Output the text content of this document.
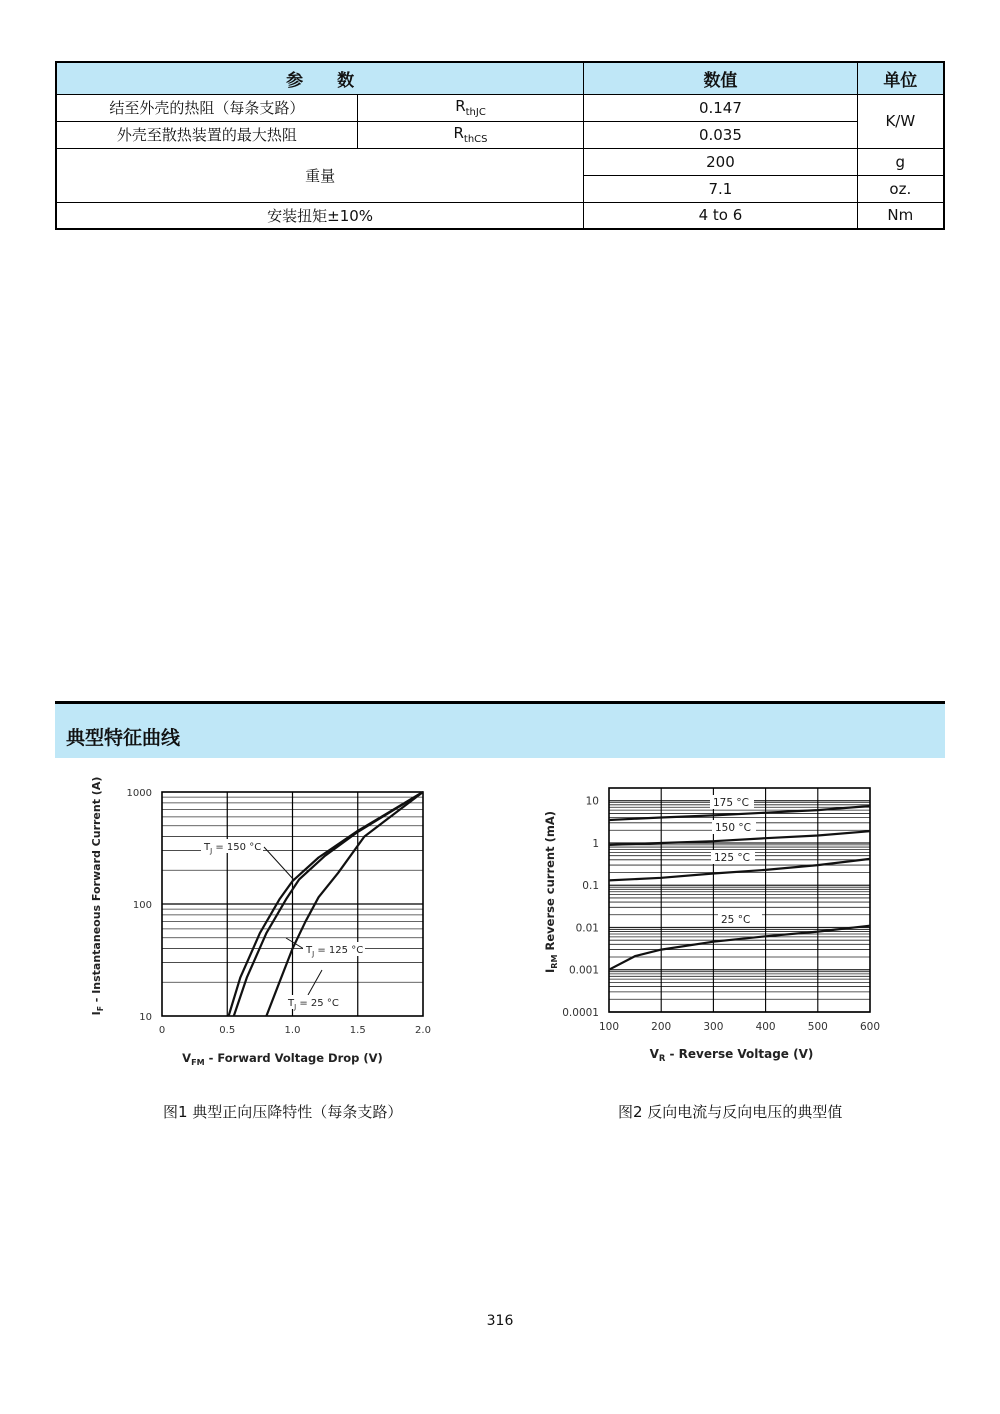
参　　数		数值	单位
结至外壳的热阻（每条支路）	$R_{thJC}$	0.147	K/W
外壳至散热装置的最大热阻	$R_{thCS}$	0.035	
重量		200	g
		7.1	oz.
安装扭矩±10%		4 to 6	Nm
典型特征曲线
0	0.5	1.0	1.5	2.0
10
100
1000
$T_J = 150$ °C
$T_J = 125$ °C
$T_J = 25$ °C
$V_{FM}$ - Forward Voltage Drop (V)
$I_F$ - Instantaneous Forward Current (A)
图1 典型正向压降特性（每条支路）
100	200	300	400	500	600
10
1
0.1
0.01
0.001
0.0001
175 °C
150 °C
125 °C
25 °C
$V_R$ - Reverse Voltage (V)
$I_{RM}$ Reverse current (mA)
图2 反向电流与反向电压的典型值
316
